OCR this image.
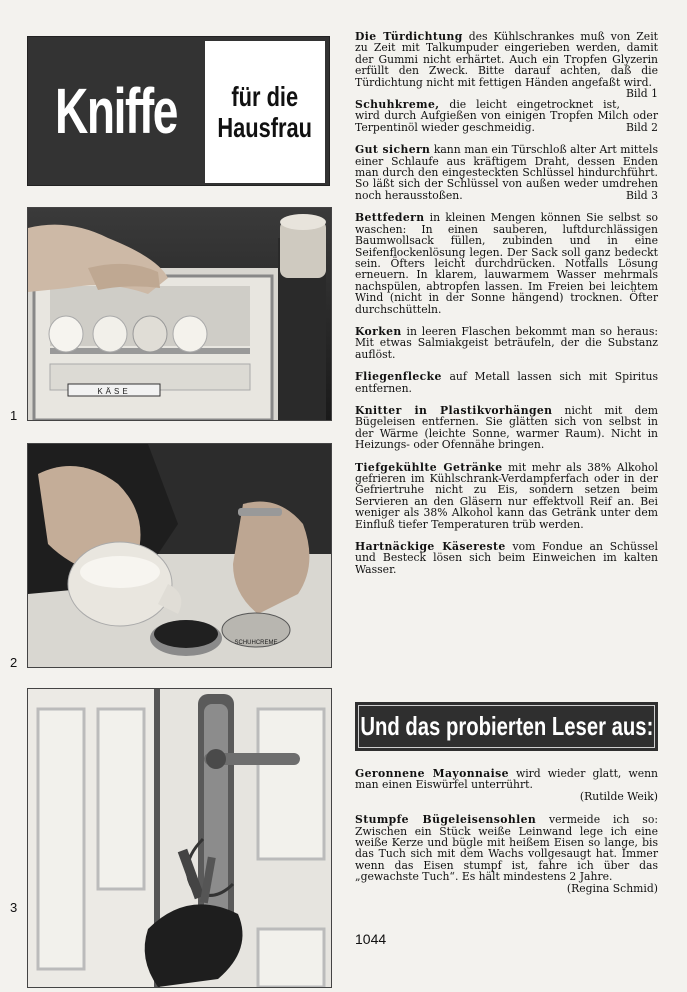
Kniffe für die
Hausfrau
KÄSE
1
SCHUHCREME
2
3

Die Türdichtung des Kühlschrankes muß von Zeit zu Zeit mit Talkumpuder eingerieben werden, damit der Gummi nicht erhärtet. Auch ein Tropfen Glyzerin erfüllt den Zweck. Bitte darauf achten, daß die Türdichtung nicht mit fettigen Händen angefaßt wird.
Bild 1

Schuhkreme, die leicht eingetrocknet ist, wird durch Aufgießen von einigen Tropfen Milch oder Terpentinöl wieder geschmeidig.	Bild 2

Gut sichern kann man ein Türschloß alter Art mittels einer Schlaufe aus kräftigem Draht, dessen Enden man durch den eingesteckten Schlüssel hindurchführt. So läßt sich der Schlüssel von außen weder umdrehen noch herausstoßen.	Bild 3

Bettfedern in kleinen Mengen können Sie selbst so waschen: In einen sauberen, luftdurchlässigen Baumwollsack füllen, zubinden und in eine Seifenflockenlösung legen. Der Sack soll ganz bedeckt sein. Öfters leicht durchdrücken. Notfalls Lösung erneuern. In klarem, lauwarmem Wasser mehrmals nachspülen, abtropfen lassen. Im Freien bei leichtem Wind (nicht in der Sonne hängend) trocknen. Öfter durchschütteln.

Korken in leeren Flaschen bekommt man so heraus: Mit etwas Salmiakgeist beträufeln, der die Substanz auflöst.

Fliegenflecke auf Metall lassen sich mit Spiritus entfernen.

Knitter in Plastikvorhängen nicht mit dem Bügeleisen entfernen. Sie glätten sich von selbst in der Wärme (leichte Sonne, warmer Raum). Nicht in Heizungs- oder Ofennähe bringen.

Tiefgekühlte Getränke mit mehr als 38% Alkohol gefrieren im Kühlschrank-Verdampferfach oder in der Gefriertruhe nicht zu Eis, sondern setzen beim Servieren an den Gläsern nur effektvoll Reif an. Bei weniger als 38% Alkohol kann das Getränk unter dem Einfluß tiefer Temperaturen trüb werden.

Hartnäckige Käsereste vom Fondue an Schüssel und Besteck lösen sich beim Einweichen im kalten Wasser.

Und das probierten Leser aus:

Geronnene Mayonnaise wird wieder glatt, wenn man einen Eiswürfel unterrührt.
(Rutilde Weik)

Stumpfe Bügeleisensohlen vermeide ich so: Zwischen ein Stück weiße Leinwand lege ich eine weiße Kerze und bügle mit heißem Eisen so lange, bis das Tuch sich mit dem Wachs vollgesaugt hat. Immer wenn das Eisen stumpf ist, fahre ich über das „gewachste Tuch“. Es hält mindestens 2 Jahre.
(Regina Schmid)

1044
